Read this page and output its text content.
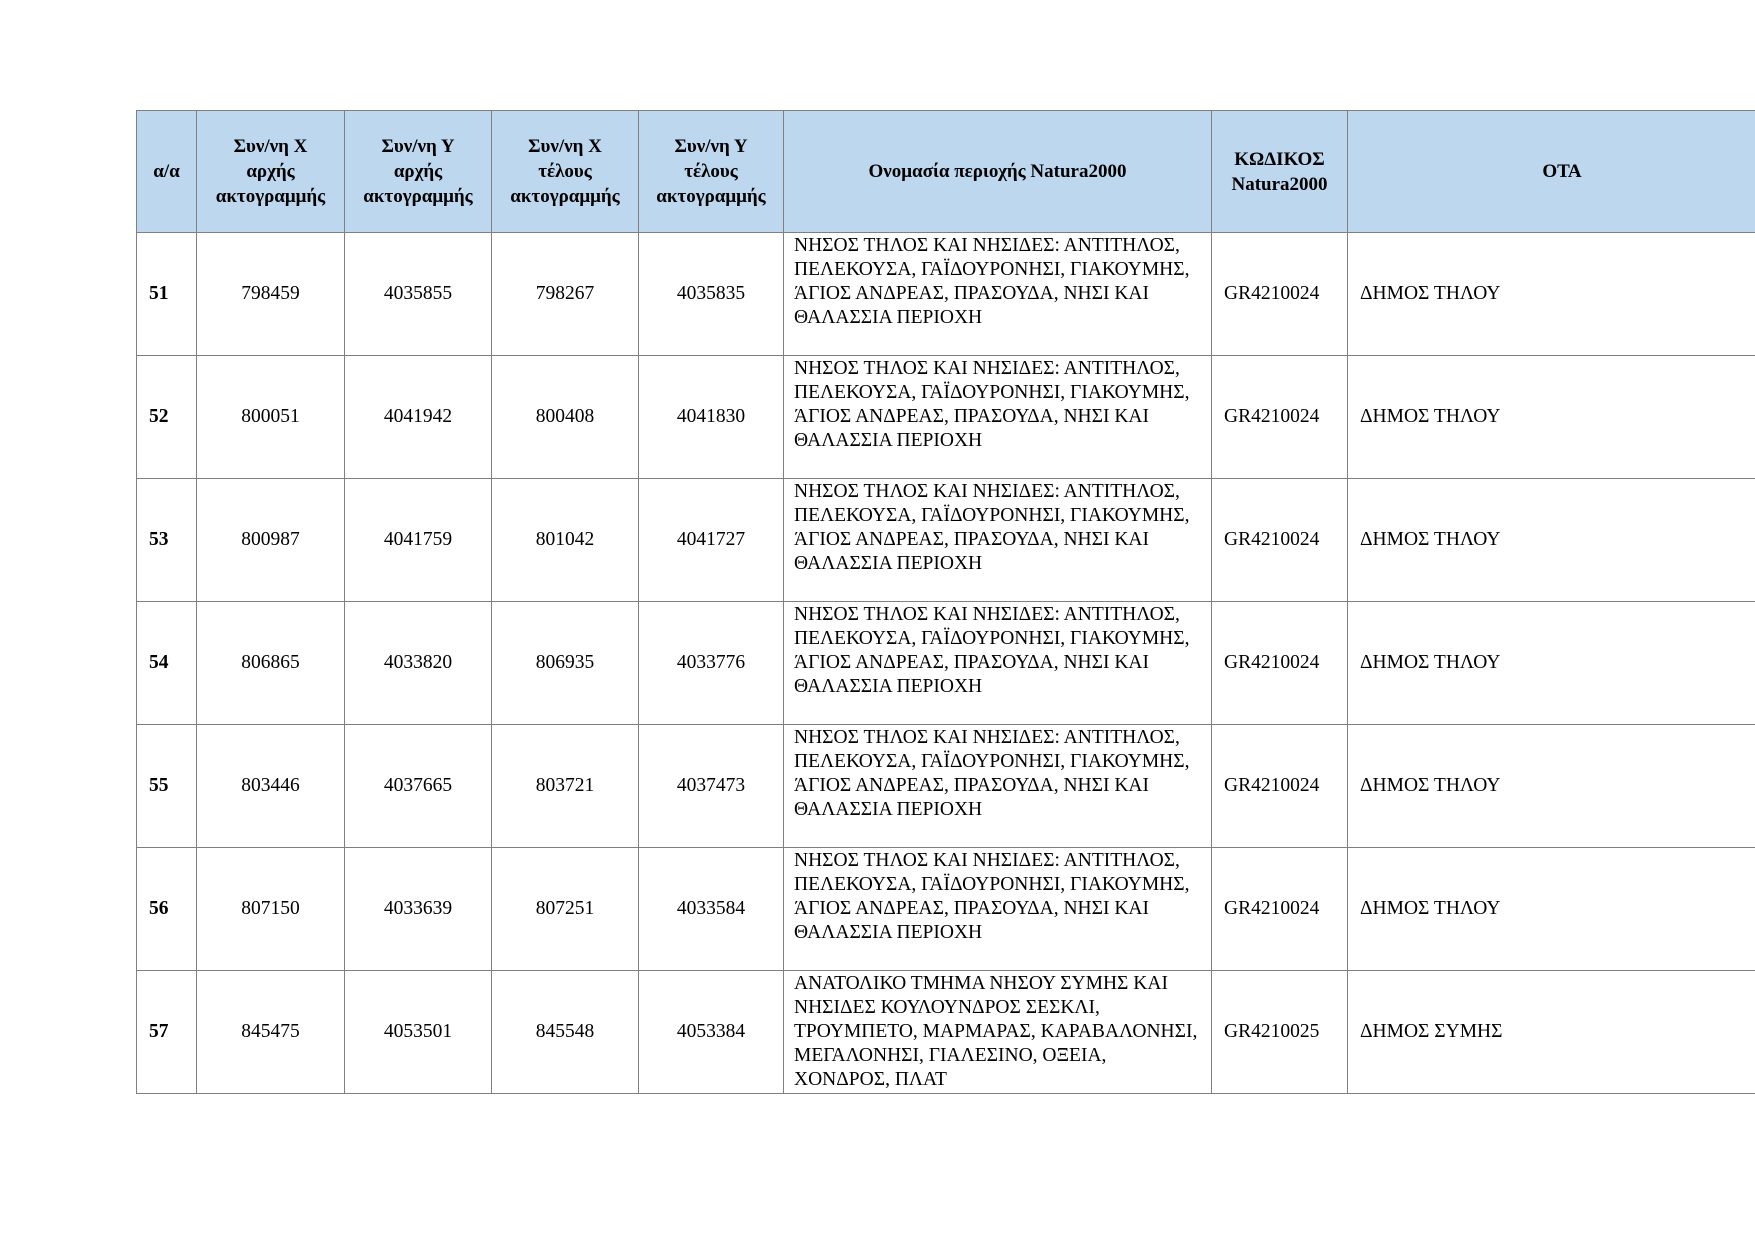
α/α	Συν/νη Χ
αρχής
ακτογραμμής	Συν/νη Υ
αρχής
ακτογραμμής	Συν/νη Χ
τέλους
ακτογραμμής	Συν/νη Υ
τέλους
ακτογραμμής	Ονομασία περιοχής Natura2000	ΚΩΔΙΚΟΣ
Natura2000	ΟΤΑ
51	798459	4035855	798267	4035835	ΝΗΣΟΣ ΤΗΛΟΣ ΚΑΙ ΝΗΣΙΔΕΣ: ΑΝΤΙΤΗΛΟΣ, ΠΕΛΕΚΟΥΣΑ, ΓΑΪΔΟΥΡΟΝΗΣΙ, ΓΙΑΚΟΥΜΗΣ, ΆΓΙΟΣ ΑΝΔΡΕΑΣ, ΠΡΑΣΟΥΔΑ, ΝΗΣΙ ΚΑΙ ΘΑΛΑΣΣΙΑ ΠΕΡΙΟΧΗ	GR4210024	ΔΗΜΟΣ ΤΗΛΟΥ
52	800051	4041942	800408	4041830	ΝΗΣΟΣ ΤΗΛΟΣ ΚΑΙ ΝΗΣΙΔΕΣ: ΑΝΤΙΤΗΛΟΣ, ΠΕΛΕΚΟΥΣΑ, ΓΑΪΔΟΥΡΟΝΗΣΙ, ΓΙΑΚΟΥΜΗΣ, ΆΓΙΟΣ ΑΝΔΡΕΑΣ, ΠΡΑΣΟΥΔΑ, ΝΗΣΙ ΚΑΙ ΘΑΛΑΣΣΙΑ ΠΕΡΙΟΧΗ	GR4210024	ΔΗΜΟΣ ΤΗΛΟΥ
53	800987	4041759	801042	4041727	ΝΗΣΟΣ ΤΗΛΟΣ ΚΑΙ ΝΗΣΙΔΕΣ: ΑΝΤΙΤΗΛΟΣ, ΠΕΛΕΚΟΥΣΑ, ΓΑΪΔΟΥΡΟΝΗΣΙ, ΓΙΑΚΟΥΜΗΣ, ΆΓΙΟΣ ΑΝΔΡΕΑΣ, ΠΡΑΣΟΥΔΑ, ΝΗΣΙ ΚΑΙ ΘΑΛΑΣΣΙΑ ΠΕΡΙΟΧΗ	GR4210024	ΔΗΜΟΣ ΤΗΛΟΥ
54	806865	4033820	806935	4033776	ΝΗΣΟΣ ΤΗΛΟΣ ΚΑΙ ΝΗΣΙΔΕΣ: ΑΝΤΙΤΗΛΟΣ, ΠΕΛΕΚΟΥΣΑ, ΓΑΪΔΟΥΡΟΝΗΣΙ, ΓΙΑΚΟΥΜΗΣ, ΆΓΙΟΣ ΑΝΔΡΕΑΣ, ΠΡΑΣΟΥΔΑ, ΝΗΣΙ ΚΑΙ ΘΑΛΑΣΣΙΑ ΠΕΡΙΟΧΗ	GR4210024	ΔΗΜΟΣ ΤΗΛΟΥ
55	803446	4037665	803721	4037473	ΝΗΣΟΣ ΤΗΛΟΣ ΚΑΙ ΝΗΣΙΔΕΣ: ΑΝΤΙΤΗΛΟΣ, ΠΕΛΕΚΟΥΣΑ, ΓΑΪΔΟΥΡΟΝΗΣΙ, ΓΙΑΚΟΥΜΗΣ, ΆΓΙΟΣ ΑΝΔΡΕΑΣ, ΠΡΑΣΟΥΔΑ, ΝΗΣΙ ΚΑΙ ΘΑΛΑΣΣΙΑ ΠΕΡΙΟΧΗ	GR4210024	ΔΗΜΟΣ ΤΗΛΟΥ
56	807150	4033639	807251	4033584	ΝΗΣΟΣ ΤΗΛΟΣ ΚΑΙ ΝΗΣΙΔΕΣ: ΑΝΤΙΤΗΛΟΣ, ΠΕΛΕΚΟΥΣΑ, ΓΑΪΔΟΥΡΟΝΗΣΙ, ΓΙΑΚΟΥΜΗΣ, ΆΓΙΟΣ ΑΝΔΡΕΑΣ, ΠΡΑΣΟΥΔΑ, ΝΗΣΙ ΚΑΙ ΘΑΛΑΣΣΙΑ ΠΕΡΙΟΧΗ	GR4210024	ΔΗΜΟΣ ΤΗΛΟΥ
57	845475	4053501	845548	4053384	ΑΝΑΤΟΛΙΚΟ ΤΜΗΜΑ ΝΗΣΟΥ ΣΥΜΗΣ ΚΑΙ ΝΗΣΙΔΕΣ ΚΟΥΛΟΥΝΔΡΟΣ ΣΕΣΚΛΙ, ΤΡΟΥΜΠΕΤΟ, ΜΑΡΜΑΡΑΣ, ΚΑΡΑΒΑΛΟΝΗΣΙ, ΜΕΓΑΛΟΝΗΣΙ, ΓΙΑΛΕΣΙΝΟ, ΟΞΕΙΑ, ΧΟΝΔΡΟΣ, ΠΛΑΤ	GR4210025	ΔΗΜΟΣ ΣΥΜΗΣ
